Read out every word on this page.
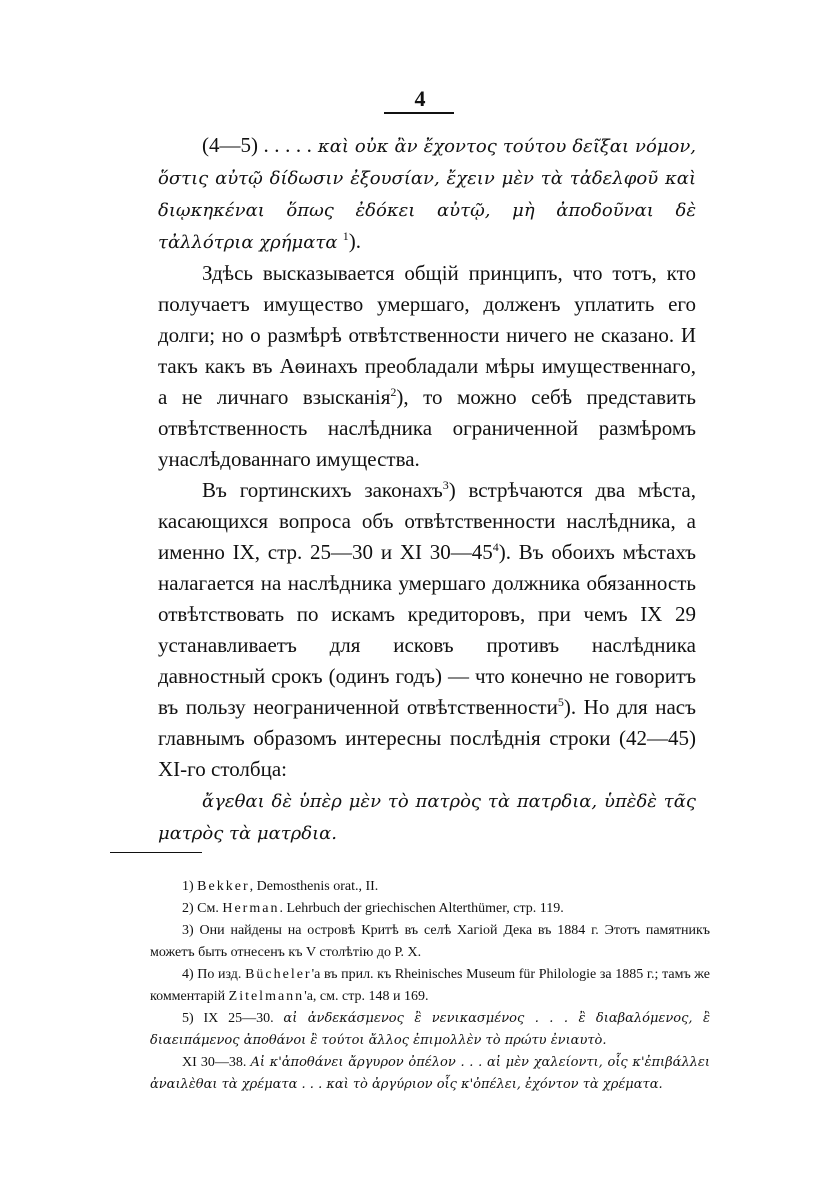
4

(4—5) . . . . . καὶ οὐκ ἂν ἔχοντος τούτου δεῖξαι νόμον, ὅστις αὐτῷ δίδωσιν ἐξουσίαν, ἔχειν μὲν τὰ τἀδελφοῦ καὶ διῳκηκέναι ὅπως ἐδόκει αὐτῷ, μὴ ἀποδοῦναι δὲ τἀλλότρια χρήματα $^1$).

Здѣсь высказывается общій принципъ, что тотъ, кто получаетъ имущество умершаго, долженъ уплатить его долги; но о размѣрѣ отвѣтственности ничего не сказано. И такъ какъ въ Аѳинахъ преобладали мѣры имущественнаго, а не личнаго взысканія$^2$), то можно себѣ представить отвѣтственность наслѣдника ограниченной размѣромъ унаслѣдованнаго имущества.

Въ гортинскихъ законахъ$^3$) встрѣчаются два мѣста, касающихся вопроса объ отвѣтственности наслѣдника, а именно IX, стр. 25—30 и XI $30—45^4$). Въ обоихъ мѣстахъ налагается на наслѣдника умершаго должника обязанность отвѣтствовать по искамъ кредиторовъ, при чемъ IX 29 устанавливаетъ для исковъ противъ наслѣдника давностный срокъ (одинъ годъ) — что конечно не говоритъ въ пользу неограниченной отвѣтственности$^5$). Но для насъ главнымъ образомъ интересны послѣднія строки (42—45) XI-го столбца:

ἄγεθαι δὲ ὑπὲρ μὲν τὸ πατρὸς τὰ πατρδια, ὑπὲδὲ τᾶς ματρὸς τὰ ματρδια.

1) Bekker, Demosthenis orat., II.

2) См. Herman. Lehrbuch der griechischen Alterthümer, стр. 119.

3) Они найдены на островѣ Критѣ въ селѣ Хагіой Дека въ 1884 г. Этотъ памятникъ можетъ быть отнесенъ къ V столѣтію до Р. Х.

4) По изд. Bücheler'а въ прил. къ Rheinisches Museum für Philologie за 1885 г.; тамъ же комментарій Zitelmann'a, см. стр. 148 и 169.

5) IX 25—30. αἰ ἀνδεκάσμενος ἒ νενικασμένος . . . ἒ διαβαλόμενος, ἒ διαειπάμενος ἀποθάνοι ἒ τούτοι ἄλλος ἐπιμολλὲν τὸ πρώτυ ἐνιαυτὸ.

XI 30—38. Αἰ κ'ἀποθάνει ἄργυρον ὀπέλον . . . αἰ μὲν χαλείοντι, οἷς κ'ἐπιβάλλει ἀναιλὲθαι τὰ χρέματα . . . καὶ τὸ ἀργύριον οἷς κ'ὀπέλει, ἐχόντον τὰ χρέματα.
